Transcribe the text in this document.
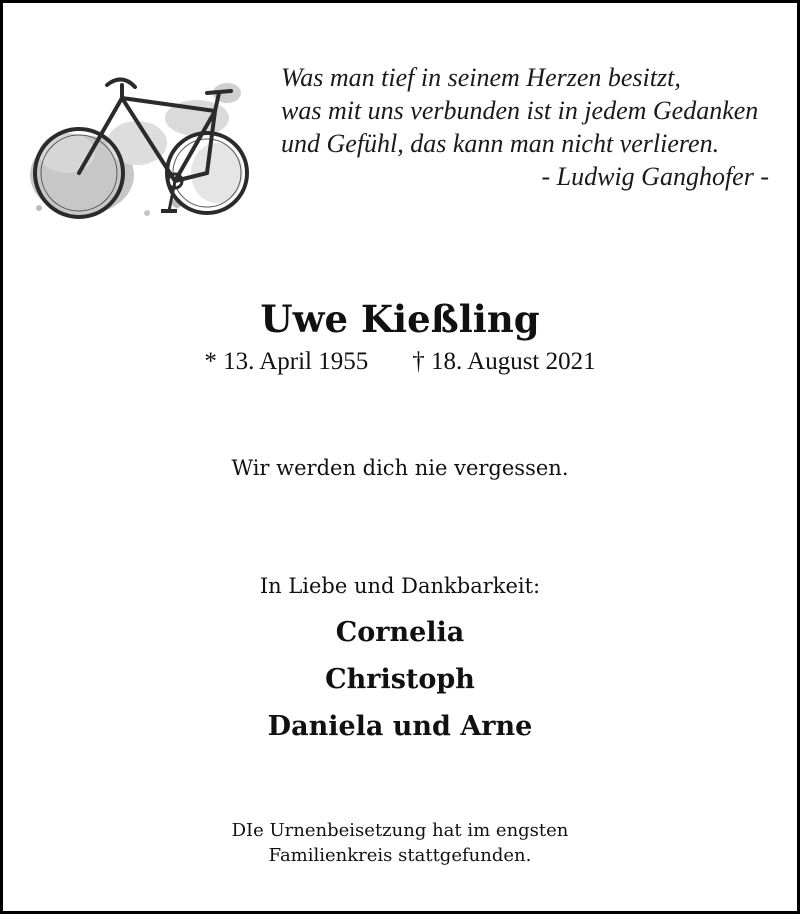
Was man tief in seinem Herzen besitzt,
was mit uns verbunden ist in jedem Gedanken
und Gefühl, das kann man nicht verlieren.
- Ludwig Ganghofer -
Uwe Kießling
* 13. April 1955 † 18. August 2021
Wir werden dich nie vergessen.
In Liebe und Dankbarkeit:
Cornelia
Christoph
Daniela und Arne
DIe Urnenbeisetzung hat im engsten
Familienkreis stattgefunden.
